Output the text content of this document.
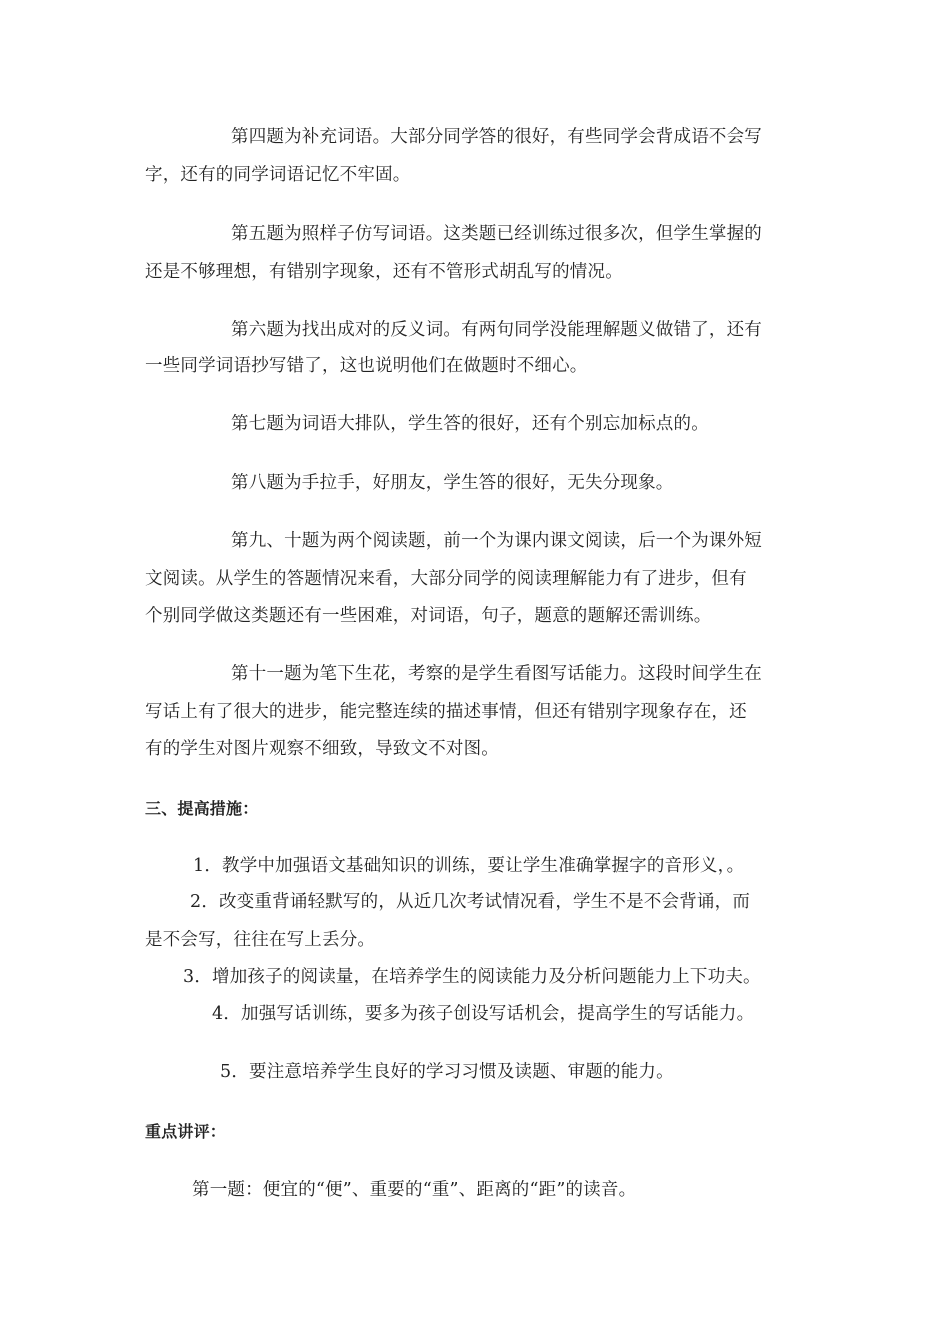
第四题为补充词语。大部分同学答的很好，有些同学会背成语不会写
字，还有的同学词语记忆不牢固。
第五题为照样子仿写词语。这类题已经训练过很多次，但学生掌握的
还是不够理想，有错别字现象，还有不管形式胡乱写的情况。
第六题为找出成对的反义词。有两句同学没能理解题义做错了，还有
一些同学词语抄写错了，这也说明他们在做题时不细心。
第七题为词语大排队，学生答的很好，还有个别忘加标点的。
第八题为手拉手，好朋友，学生答的很好，无失分现象。
第九、十题为两个阅读题，前一个为课内课文阅读，后一个为课外短
文阅读。从学生的答题情况来看，大部分同学的阅读理解能力有了进步，但有
个别同学做这类题还有一些困难，对词语，句子，题意的题解还需训练。
第十一题为笔下生花，考察的是学生看图写话能力。这段时间学生在
写话上有了很大的进步，能完整连续的描述事情，但还有错别字现象存在，还
有的学生对图片观察不细致，导致文不对图。
三、提高措施：
1．教学中加强语文基础知识的训练，要让学生准确掌握字的音形义，。
2．改变重背诵轻默写的，从近几次考试情况看，学生不是不会背诵，而
是不会写，往往在写上丢分。
3．增加孩子的阅读量，在培养学生的阅读能力及分析问题能力上下功夫。
4．加强写话训练，要多为孩子创设写话机会，提高学生的写话能力。
5．要注意培养学生良好的学习习惯及读题、审题的能力。
重点讲评：
第一题：便宜的“便”、重要的“重”、距离的“距”的读音。
